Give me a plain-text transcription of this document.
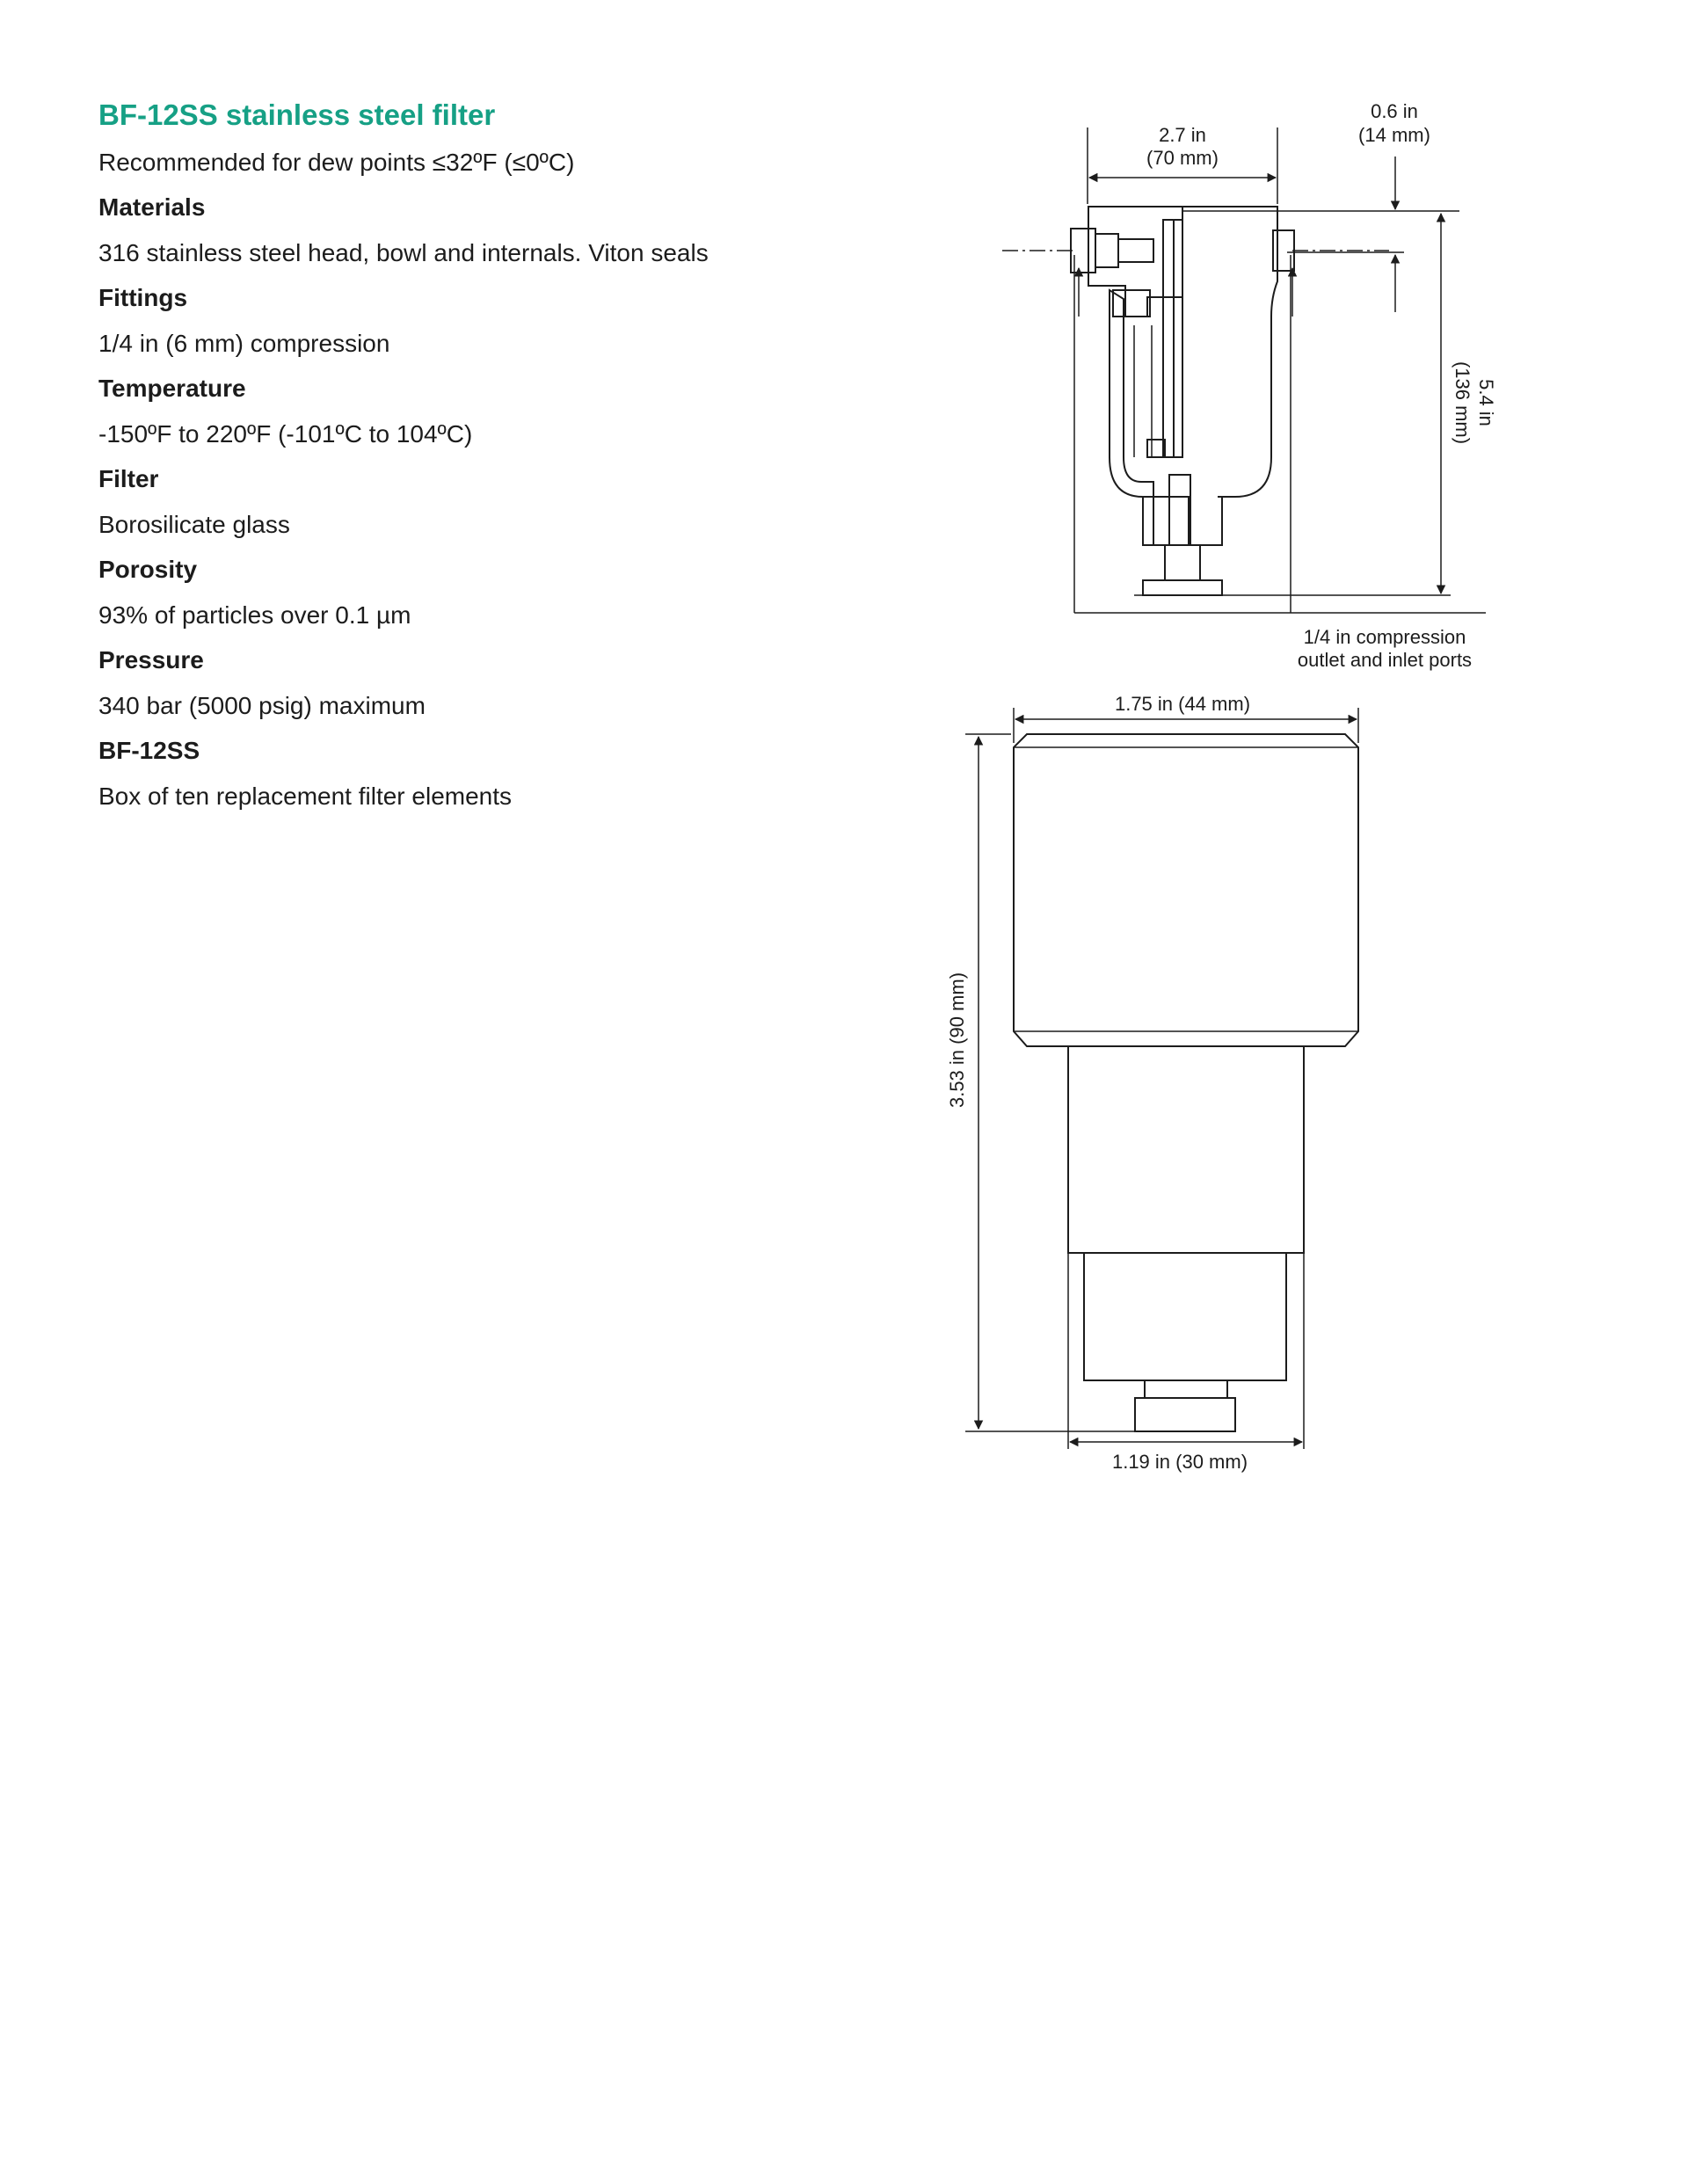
BF-12SS stainless steel filter

Recommended for dew points ≤32ºF (≤0ºC)

Materials

316 stainless steel head, bowl and internals. Viton seals

Fittings

1/4 in (6 mm) compression

Temperature

-150ºF to 220ºF (-101ºC to 104ºC)

Filter

Borosilicate glass

Porosity

93% of particles over 0.1 µm

Pressure

340 bar (5000 psig) maximum

BF-12SS

Box of ten replacement filter elements

2.7 in
(70 mm)
0.6 in
(14 mm)
5.4 in
(136 mm)
1/4 in compression
outlet and inlet ports
1.75 in (44 mm)
3.53 in (90 mm)
1.19 in (30 mm)
